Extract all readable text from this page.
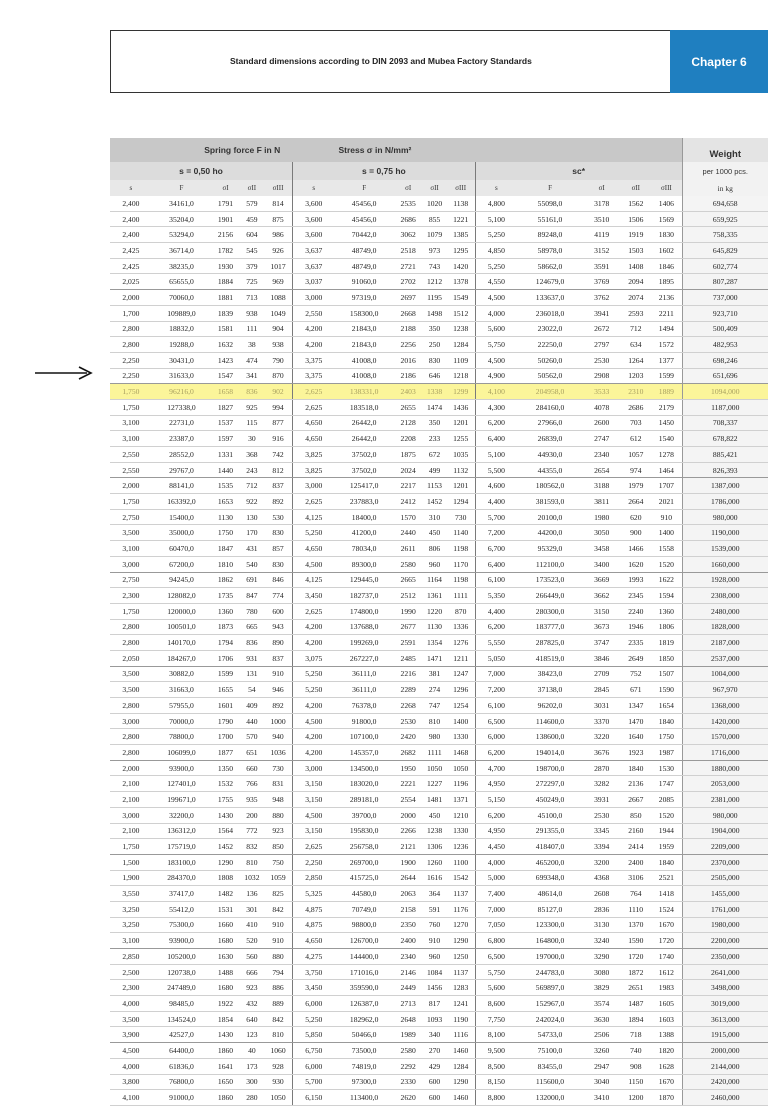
Standard dimensions according to DIN 2093 and Mubea Factory Standards	Chapter 6
Spring force F in N						Stress σ in N/mm²									Weight
s = 0,50 ho					s = 0,75 ho					sc*					per 1000 pcs.
s	F	σI	σII	σIII	s	F	σI	σII	σIII	s	F	σI	σII	σIII	in kg
2,400	34161,0	1791	579	814	3,600	45456,0	2535	1020	1138	4,800	55098,0	3178	1562	1406	694,658
2,400	35204,0	1901	459	875	3,600	45456,0	2686	855	1221	5,100	55161,0	3510	1506	1569	659,925
2,400	53294,0	2156	604	986	3,600	70442,0	3062	1079	1385	5,250	89248,0	4119	1919	1830	758,335
2,425	36714,0	1782	545	926	3,637	48749,0	2518	973	1295	4,850	58978,0	3152	1503	1602	645,829
2,425	38235,0	1930	379	1017	3,637	48749,0	2721	743	1420	5,250	58662,0	3591	1408	1846	602,774
2,025	65655,0	1884	725	969	3,037	91060,0	2702	1212	1378	4,550	124679,0	3769	2094	1895	807,287
2,000	70060,0	1881	713	1088	3,000	97319,0	2697	1195	1549	4,500	133637,0	3762	2074	2136	737,000
1,700	109889,0	1839	938	1049	2,550	158300,0	2668	1498	1512	4,000	236018,0	3941	2593	2211	923,710
2,800	18832,0	1581	111	904	4,200	21843,0	2188	350	1238	5,600	23022,0	2672	712	1494	500,409
2,800	19288,0	1632	38	938	4,200	21843,0	2256	250	1284	5,750	22250,0	2797	634	1572	482,953
2,250	30431,0	1423	474	790	3,375	41008,0	2016	830	1109	4,500	50260,0	2530	1264	1377	698,246
2,250	31633,0	1547	341	870	3,375	41008,0	2186	646	1218	4,900	50562,0	2908	1203	1599	651,696
1,750	96216,0	1658	836	902	2,625	138331,0	2403	1338	1299	4,100	204958,0	3533	2310	1889	1094,000
1,750	127338,0	1827	925	994	2,625	183518,0	2655	1474	1436	4,300	284160,0	4078	2686	2179	1187,000
3,100	22731,0	1537	115	877	4,650	26442,0	2128	350	1201	6,200	27966,0	2600	703	1450	708,337
3,100	23387,0	1597	30	916	4,650	26442,0	2208	233	1255	6,400	26839,0	2747	612	1540	678,822
2,550	28552,0	1331	368	742	3,825	37502,0	1875	672	1035	5,100	44930,0	2340	1057	1278	885,421
2,550	29767,0	1440	243	812	3,825	37502,0	2024	499	1132	5,500	44355,0	2654	974	1464	826,393
2,000	88141,0	1535	712	837	3,000	125417,0	2217	1153	1201	4,600	180562,0	3188	1979	1707	1387,000
1,750	163392,0	1653	922	892	2,625	237883,0	2412	1452	1294	4,400	381593,0	3811	2664	2021	1786,000
2,750	15400,0	1130	130	530	4,125	18400,0	1570	310	730	5,700	20100,0	1980	620	910	980,000
3,500	35000,0	1750	170	830	5,250	41200,0	2440	450	1140	7,200	44200,0	3050	900	1400	1190,000
3,100	60470,0	1847	431	857	4,650	78034,0	2611	806	1198	6,700	95329,0	3458	1466	1558	1539,000
3,000	67200,0	1810	540	830	4,500	89300,0	2580	960	1170	6,400	112100,0	3400	1620	1520	1660,000
2,750	94245,0	1862	691	846	4,125	129445,0	2665	1164	1198	6,100	173523,0	3669	1993	1622	1928,000
2,300	128082,0	1735	847	774	3,450	182737,0	2512	1361	1111	5,350	266449,0	3662	2345	1594	2308,000
1,750	120000,0	1360	780	600	2,625	174800,0	1990	1220	870	4,400	280300,0	3150	2240	1360	2480,000
2,800	100501,0	1873	665	943	4,200	137688,0	2677	1130	1336	6,200	183777,0	3673	1946	1806	1828,000
2,800	140170,0	1794	836	890	4,200	199269,0	2591	1354	1276	5,550	287825,0	3747	2335	1819	2187,000
2,050	184267,0	1706	931	837	3,075	267227,0	2485	1471	1211	5,050	418519,0	3846	2649	1850	2537,000
3,500	30882,0	1599	131	910	5,250	36111,0	2216	381	1247	7,000	38423,0	2709	752	1507	1004,000
3,500	31663,0	1655	54	946	5,250	36111,0	2289	274	1296	7,200	37138,0	2845	671	1590	967,970
2,800	57955,0	1601	409	892	4,200	76378,0	2268	747	1254	6,100	96202,0	3031	1347	1654	1368,000
3,000	70000,0	1790	440	1000	4,500	91800,0	2530	810	1400	6,500	114600,0	3370	1470	1840	1420,000
2,800	78800,0	1700	570	940	4,200	107100,0	2420	980	1330	6,000	138600,0	3220	1640	1750	1570,000
2,800	106099,0	1877	651	1036	4,200	145357,0	2682	1111	1468	6,200	194014,0	3676	1923	1987	1716,000
2,000	93900,0	1350	660	730	3,000	134500,0	1950	1050	1050	4,700	198700,0	2870	1840	1530	1880,000
2,100	127401,0	1532	766	831	3,150	183020,0	2221	1227	1196	4,950	272297,0	3282	2136	1747	2053,000
2,100	199671,0	1755	935	948	3,150	289181,0	2554	1481	1371	5,150	450249,0	3931	2667	2085	2381,000
3,000	32200,0	1430	200	880	4,500	39700,0	2000	450	1210	6,200	45100,0	2530	850	1520	980,000
2,100	136312,0	1564	772	923	3,150	195830,0	2266	1238	1330	4,950	291355,0	3345	2160	1944	1904,000
1,750	175719,0	1452	832	850	2,625	256758,0	2121	1306	1236	4,450	418407,0	3394	2414	1959	2209,000
1,500	183100,0	1290	810	750	2,250	269700,0	1900	1260	1100	4,000	465200,0	3200	2400	1840	2370,000
1,900	284370,0	1808	1032	1059	2,850	415725,0	2644	1616	1542	5,000	699348,0	4368	3106	2521	2505,000
3,550	37417,0	1482	136	825	5,325	44580,0	2063	364	1137	7,400	48614,0	2608	764	1418	1455,000
3,250	55412,0	1531	301	842	4,875	70749,0	2158	591	1176	7,000	85127,0	2836	1110	1524	1761,000
3,250	75300,0	1660	410	910	4,875	98800,0	2350	760	1270	7,050	123300,0	3130	1370	1670	1980,000
3,100	93900,0	1680	520	910	4,650	126700,0	2400	910	1290	6,800	164800,0	3240	1590	1720	2200,000
2,850	105200,0	1630	560	880	4,275	144400,0	2340	960	1250	6,500	197000,0	3290	1720	1740	2350,000
2,500	120738,0	1488	666	794	3,750	171016,0	2146	1084	1137	5,750	244783,0	3080	1872	1612	2641,000
2,300	247489,0	1680	923	886	3,450	359590,0	2449	1456	1283	5,600	569897,0	3829	2651	1983	3498,000
4,000	98485,0	1922	432	889	6,000	126387,0	2713	817	1241	8,600	152967,0	3574	1487	1605	3019,000
3,500	134524,0	1854	640	842	5,250	182962,0	2648	1093	1190	7,750	242024,0	3630	1894	1603	3613,000
3,900	42527,0	1430	123	810	5,850	50466,0	1989	340	1116	8,100	54733,0	2506	718	1388	1915,000
4,500	64400,0	1860	40	1060	6,750	73500,0	2580	270	1460	9,500	75100,0	3260	740	1820	2000,000
4,000	61836,0	1641	173	928	6,000	74819,0	2292	429	1284	8,500	83455,0	2947	908	1628	2144,000
3,800	76800,0	1650	300	930	5,700	97300,0	2330	600	1290	8,150	115600,0	3040	1150	1670	2420,000
4,100	91000,0	1860	280	1050	6,150	113400,0	2620	600	1460	8,800	132000,0	3410	1200	1870	2460,000
